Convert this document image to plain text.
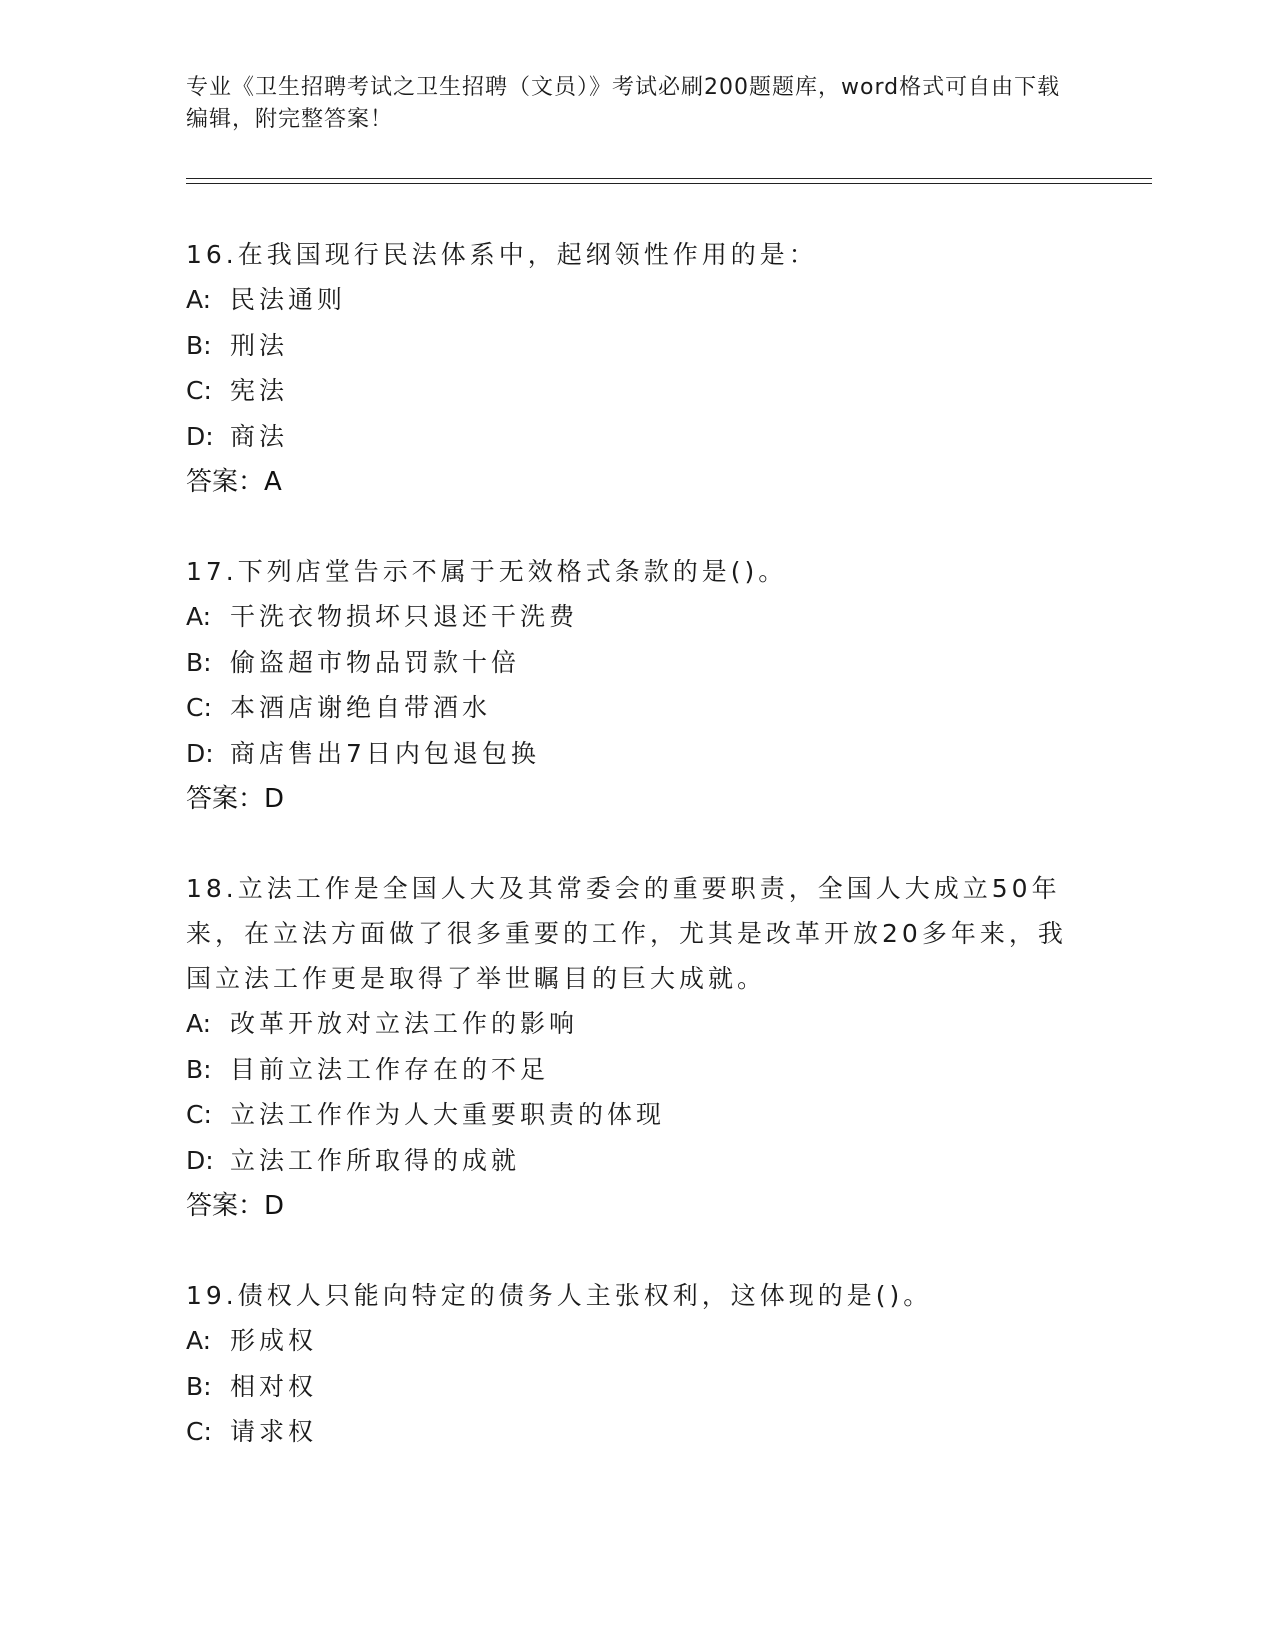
专业《卫生招聘考试之卫生招聘（文员）》考试必刷200题题库，word格式可自由下载编辑，附完整答案！

16.在我国现行民法体系中，起纲领性作用的是：

A: 民法通则

B: 刑法

C: 宪法

D: 商法

答案：A

17.下列店堂告示不属于无效格式条款的是()。

A: 干洗衣物损坏只退还干洗费

B: 偷盗超市物品罚款十倍

C: 本酒店谢绝自带酒水

D: 商店售出7日内包退包换

答案：D

18.立法工作是全国人大及其常委会的重要职责，全国人大成立50年来，在立法方面做了很多重要的工作，尤其是改革开放20多年来，我国立法工作更是取得了举世瞩目的巨大成就。

A: 改革开放对立法工作的影响

B: 目前立法工作存在的不足

C: 立法工作作为人大重要职责的体现

D: 立法工作所取得的成就

答案：D

19.债权人只能向特定的债务人主张权利，这体现的是()。

A: 形成权

B: 相对权

C: 请求权
